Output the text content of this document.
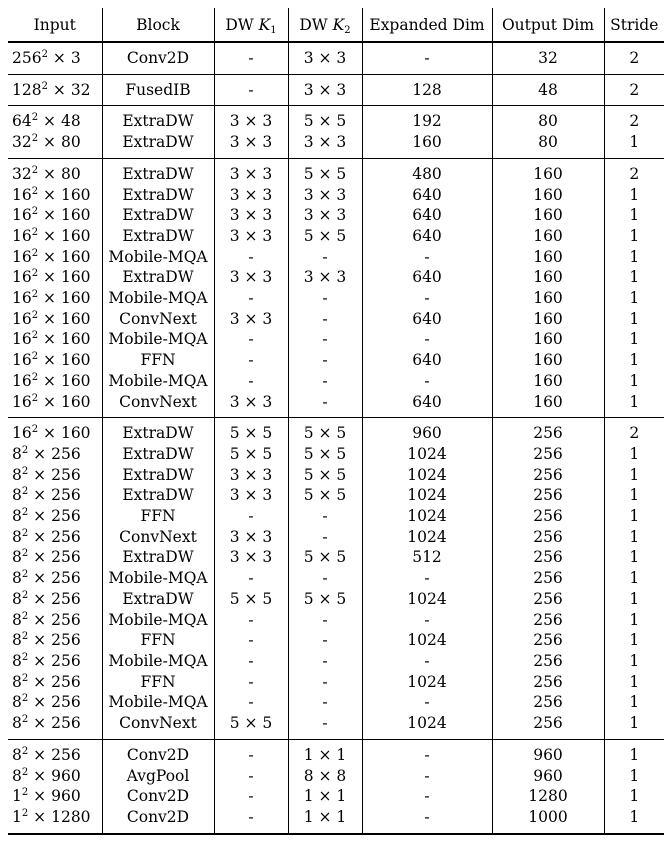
Input	Block	DW $K_1$	DW $K_2$	Expanded Dim	Output Dim	Stride

$256^2 \times 3$	Conv2D	-	3 × 3	-	32	2

$128^2 \times 32$	FusedIB	-	3 × 3	128	48	2

$64^2 \times 48$	ExtraDW	3 × 3	5 × 5	192	80	2
$32^2 \times 80$	ExtraDW	3 × 3	3 × 3	160	80	1

$32^2 \times 80$	ExtraDW	3 × 3	5 × 5	480	160	2
$16^2 \times 160$	ExtraDW	3 × 3	3 × 3	640	160	1
$16^2 \times 160$	ExtraDW	3 × 3	3 × 3	640	160	1
$16^2 \times 160$	ExtraDW	3 × 3	5 × 5	640	160	1
$16^2 \times 160$	Mobile-MQA	-	-	-	160	1
$16^2 \times 160$	ExtraDW	3 × 3	3 × 3	640	160	1
$16^2 \times 160$	Mobile-MQA	-	-	-	160	1
$16^2 \times 160$	ConvNext	3 × 3	-	640	160	1
$16^2 \times 160$	Mobile-MQA	-	-	-	160	1
$16^2 \times 160$	FFN	-	-	640	160	1
$16^2 \times 160$	Mobile-MQA	-	-	-	160	1
$16^2 \times 160$	ConvNext	3 × 3	-	640	160	1

$16^2 \times 160$	ExtraDW	5 × 5	5 × 5	960	256	2
$8^2 \times 256$	ExtraDW	5 × 5	5 × 5	1024	256	1
$8^2 \times 256$	ExtraDW	3 × 3	5 × 5	1024	256	1
$8^2 \times 256$	ExtraDW	3 × 3	5 × 5	1024	256	1
$8^2 \times 256$	FFN	-	-	1024	256	1
$8^2 \times 256$	ConvNext	3 × 3	-	1024	256	1
$8^2 \times 256$	ExtraDW	3 × 3	5 × 5	512	256	1
$8^2 \times 256$	Mobile-MQA	-	-	-	256	1
$8^2 \times 256$	ExtraDW	5 × 5	5 × 5	1024	256	1
$8^2 \times 256$	Mobile-MQA	-	-	-	256	1
$8^2 \times 256$	FFN	-	-	1024	256	1
$8^2 \times 256$	Mobile-MQA	-	-	-	256	1
$8^2 \times 256$	FFN	-	-	1024	256	1
$8^2 \times 256$	Mobile-MQA	-	-	-	256	1
$8^2 \times 256$	ConvNext	5 × 5	-	1024	256	1

$8^2 \times 256$	Conv2D	-	1 × 1	-	960	1
$8^2 \times 960$	AvgPool	-	8 × 8	-	960	1
$1^2 \times 960$	Conv2D	-	1 × 1	-	1280	1
$1^2 \times 1280$	Conv2D	-	1 × 1	-	1000	1
